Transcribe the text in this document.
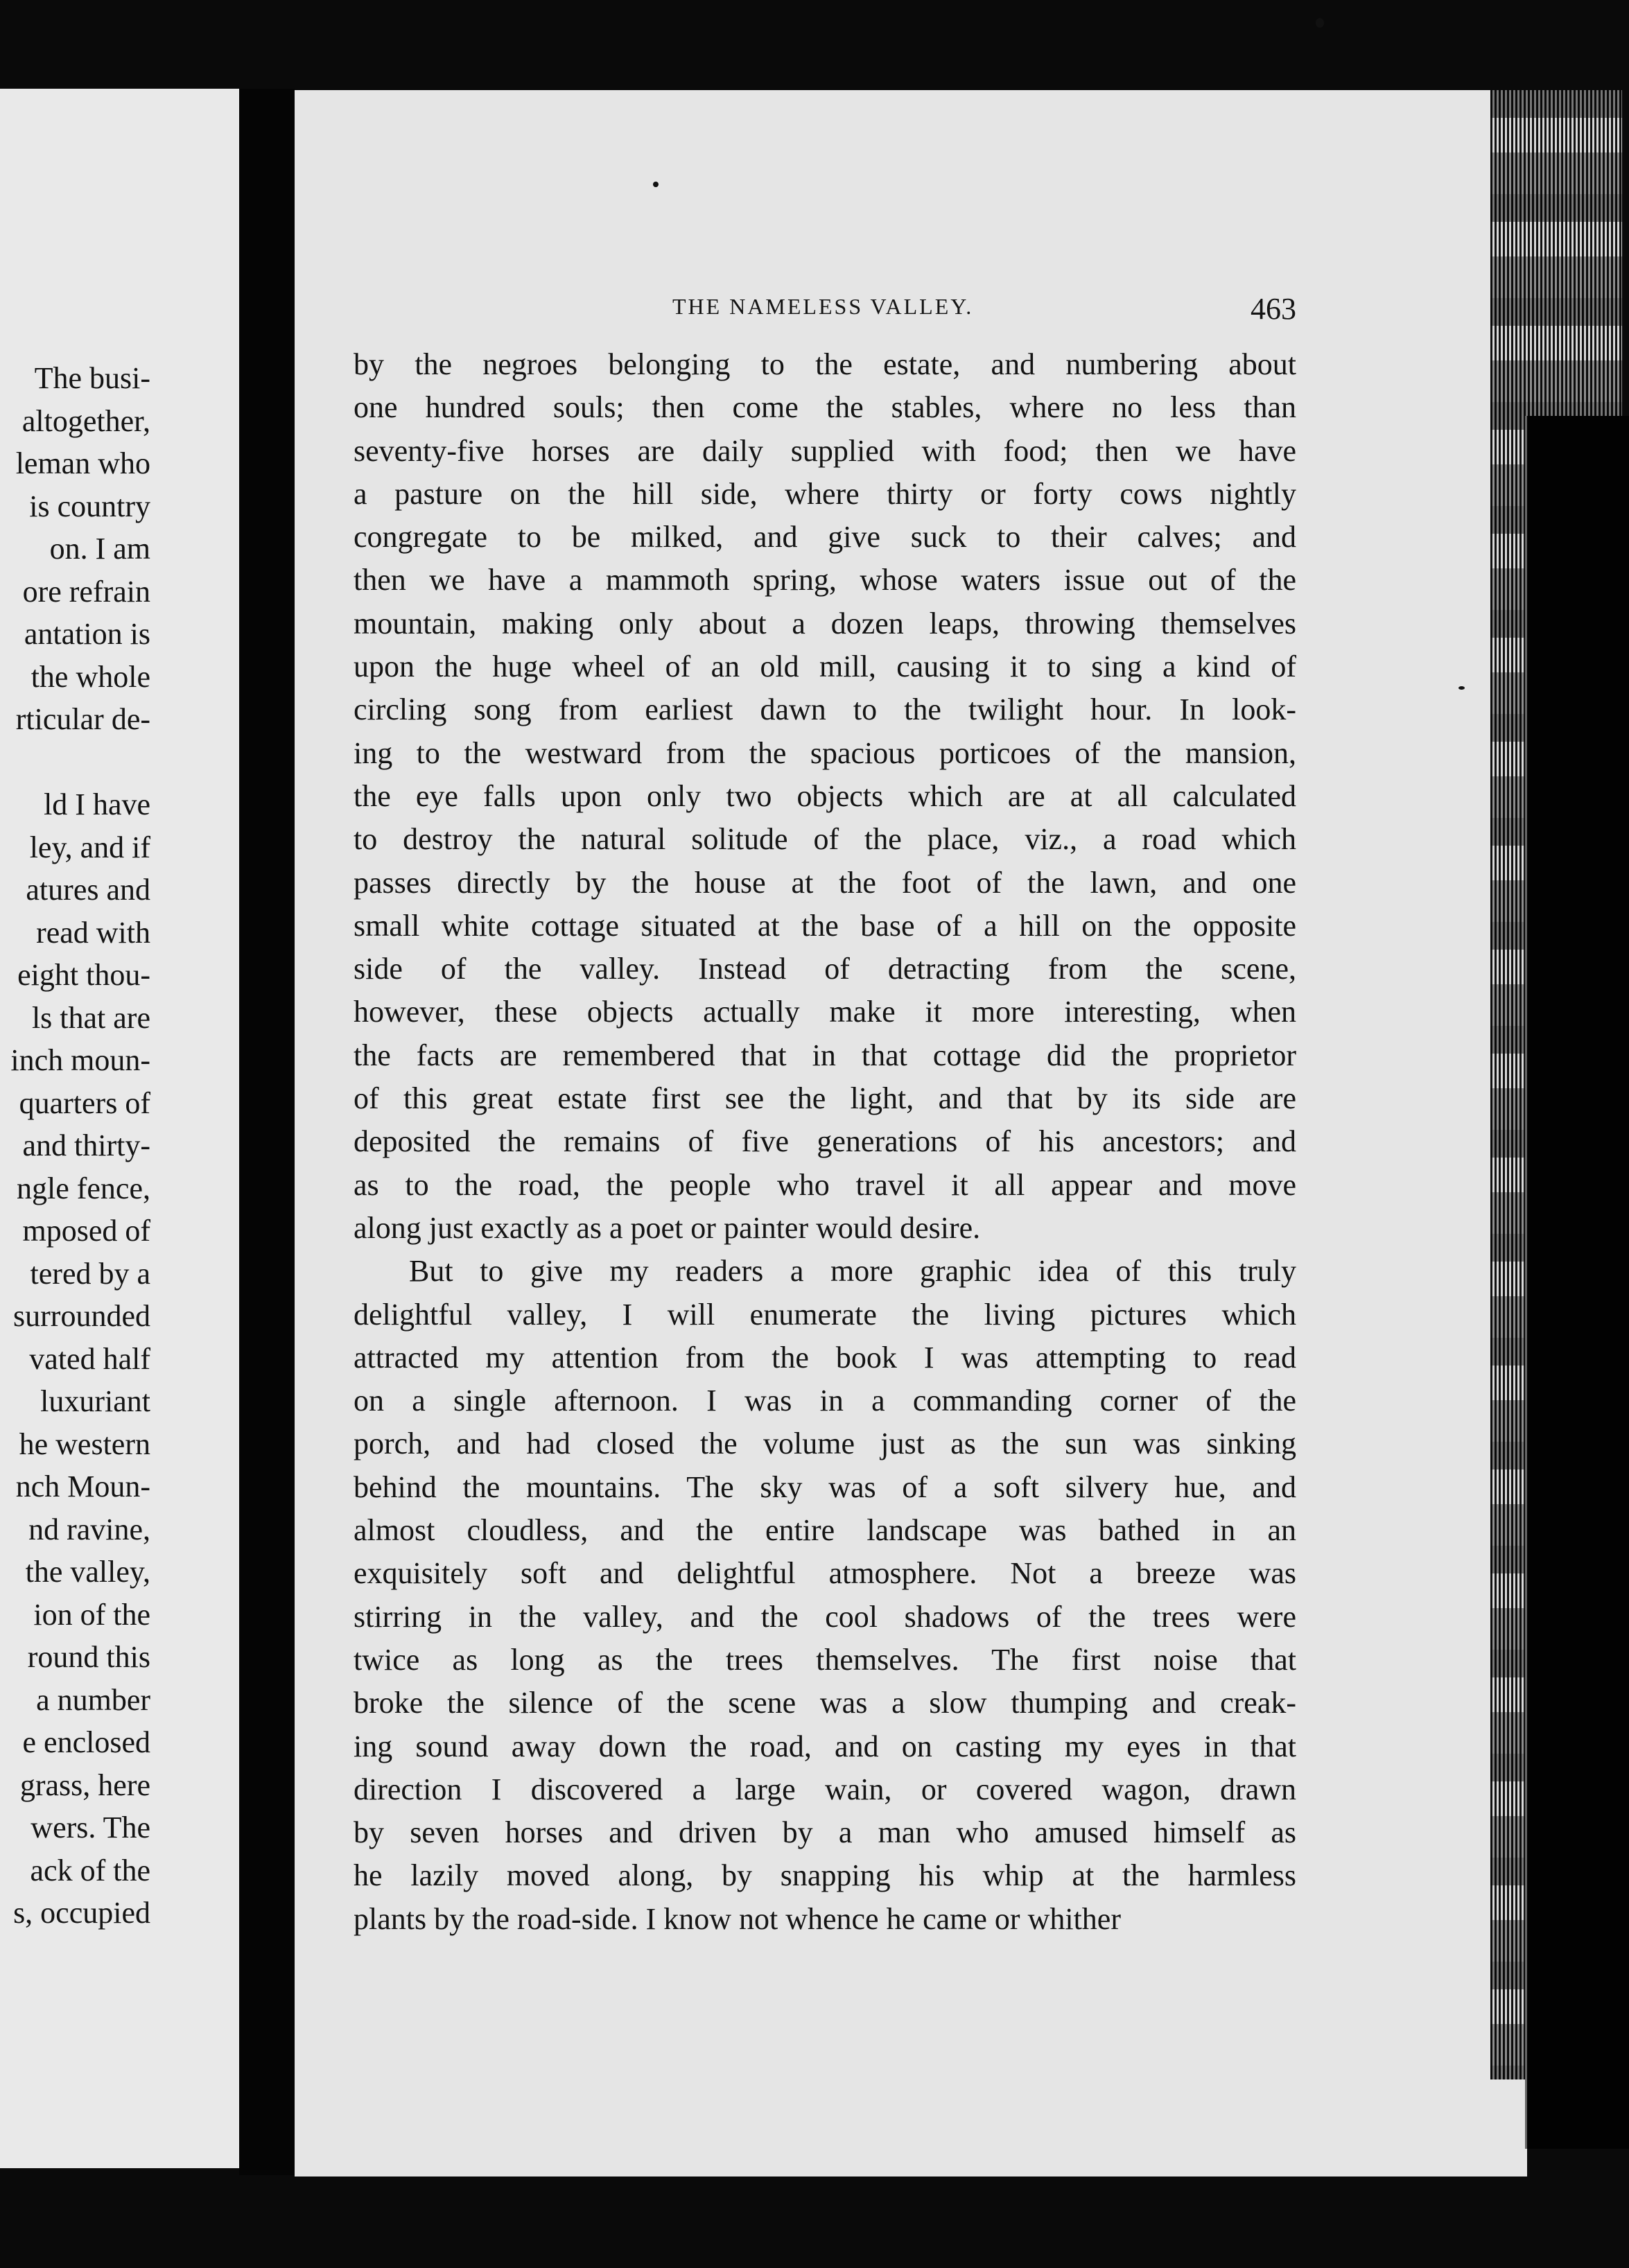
The busi-
altogether,
leman who
is country
on. I am
ore refrain
antation is
the whole
rticular de-
ld I have
ley, and if
atures and
read with
eight thou-
ls that are
inch moun-
quarters of
and thirty-
ngle fence,
mposed of
tered by a
surrounded
vated half
luxuriant
he western
nch Moun-
nd ravine,
the valley,
ion of the
round this
a number
e enclosed
grass, here
wers. The
ack of the
s, occupied
THE NAMELESS VALLEY.	463
by the negroes belonging to the estate, and numbering about
one hundred souls; then come the stables, where no less than
seventy-five horses are daily supplied with food; then we have
a pasture on the hill side, where thirty or forty cows nightly
congregate to be milked, and give suck to their calves; and
then we have a mammoth spring, whose waters issue out of the
mountain, making only about a dozen leaps, throwing themselves
upon the huge wheel of an old mill, causing it to sing a kind of
circling song from earliest dawn to the twilight hour. In look-
ing to the westward from the spacious porticoes of the mansion,
the eye falls upon only two objects which are at all calculated
to destroy the natural solitude of the place, viz., a road which
passes directly by the house at the foot of the lawn, and one
small white cottage situated at the base of a hill on the opposite
side of the valley. Instead of detracting from the scene,
however, these objects actually make it more interesting, when
the facts are remembered that in that cottage did the proprietor
of this great estate first see the light, and that by its side are
deposited the remains of five generations of his ancestors; and
as to the road, the people who travel it all appear and move
along just exactly as a poet or painter would desire.
But to give my readers a more graphic idea of this truly
delightful valley, I will enumerate the living pictures which
attracted my attention from the book I was attempting to read
on a single afternoon. I was in a commanding corner of the
porch, and had closed the volume just as the sun was sinking
behind the mountains. The sky was of a soft silvery hue, and
almost cloudless, and the entire landscape was bathed in an
exquisitely soft and delightful atmosphere. Not a breeze was
stirring in the valley, and the cool shadows of the trees were
twice as long as the trees themselves. The first noise that
broke the silence of the scene was a slow thumping and creak-
ing sound away down the road, and on casting my eyes in that
direction I discovered a large wain, or covered wagon, drawn
by seven horses and driven by a man who amused himself as
he lazily moved along, by snapping his whip at the harmless
plants by the road-side. I know not whence he came or whither
